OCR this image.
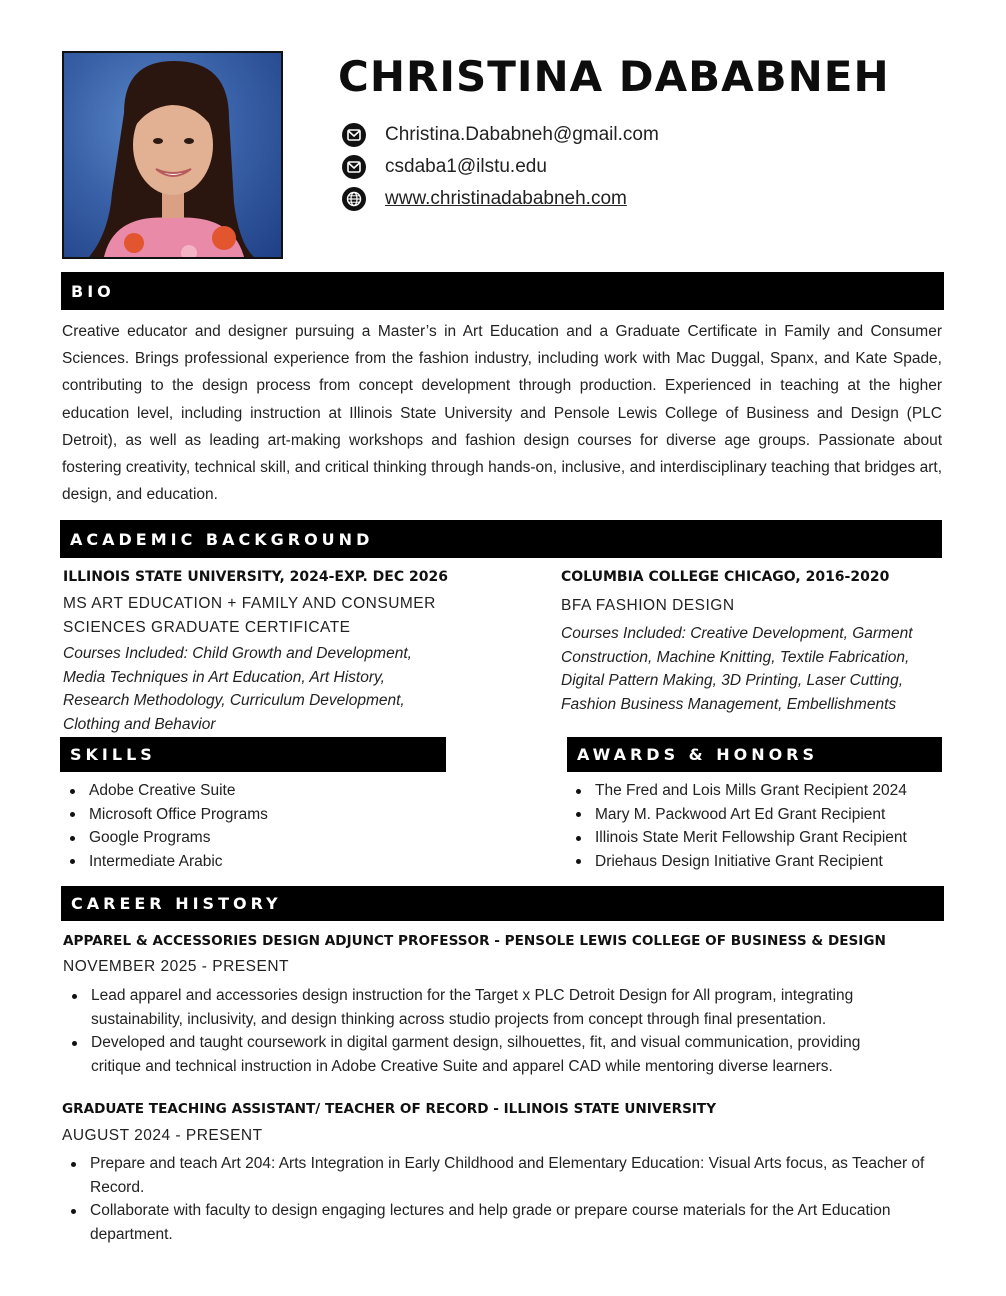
CHRISTINA DABABNEH
Christina.Dababneh@gmail.com
csdaba1@ilstu.edu
www.christinadababneh.com
BIO
Creative educator and designer pursuing a Master’s in Art Education and a Graduate Certificate in Family and Consumer Sciences. Brings professional experience from the fashion industry, including work with Mac Duggal, Spanx, and Kate Spade, contributing to the design process from concept development through production. Experienced in teaching at the higher education level, including instruction at Illinois State University and Pensole Lewis College of Business and Design (PLC Detroit), as well as leading art-making workshops and fashion design courses for diverse age groups. Passionate about fostering creativity, technical skill, and critical thinking through hands-on, inclusive, and interdisciplinary teaching that bridges art, design, and education.
ACADEMIC BACKGROUND
ILLINOIS STATE UNIVERSITY, 2024-EXP. DEC 2026
MS ART EDUCATION + FAMILY AND CONSUMER SCIENCES GRADUATE CERTIFICATE
Courses Included: Child Growth and Development, Media Techniques in Art Education, Art History, Research Methodology, Curriculum Development, Clothing and Behavior
COLUMBIA COLLEGE CHICAGO, 2016-2020
BFA FASHION DESIGN
Courses Included: Creative Development, Garment Construction, Machine Knitting, Textile Fabrication, Digital Pattern Making, 3D Printing, Laser Cutting, Fashion Business Management, Embellishments
SKILLS
Adobe Creative Suite
Microsoft Office Programs
Google Programs
Intermediate Arabic
AWARDS & HONORS
The Fred and Lois Mills Grant Recipient 2024
Mary M. Packwood Art Ed Grant Recipient
Illinois State Merit Fellowship Grant Recipient
Driehaus Design Initiative Grant Recipient
CAREER HISTORY
APPAREL & ACCESSORIES DESIGN ADJUNCT PROFESSOR - PENSOLE LEWIS COLLEGE OF BUSINESS & DESIGN
NOVEMBER 2025 - PRESENT
Lead apparel and accessories design instruction for the Target x PLC Detroit Design for All program, integrating sustainability, inclusivity, and design thinking across studio projects from concept through final presentation.
Developed and taught coursework in digital garment design, silhouettes, fit, and visual communication, providing critique and technical instruction in Adobe Creative Suite and apparel CAD while mentoring diverse learners.
GRADUATE TEACHING ASSISTANT/ TEACHER OF RECORD - ILLINOIS STATE UNIVERSITY
AUGUST 2024 - PRESENT
Prepare and teach Art 204: Arts Integration in Early Childhood and Elementary Education: Visual Arts focus, as Teacher of Record.
Collaborate with faculty to design engaging lectures and help grade or prepare course materials for the Art Education department.
